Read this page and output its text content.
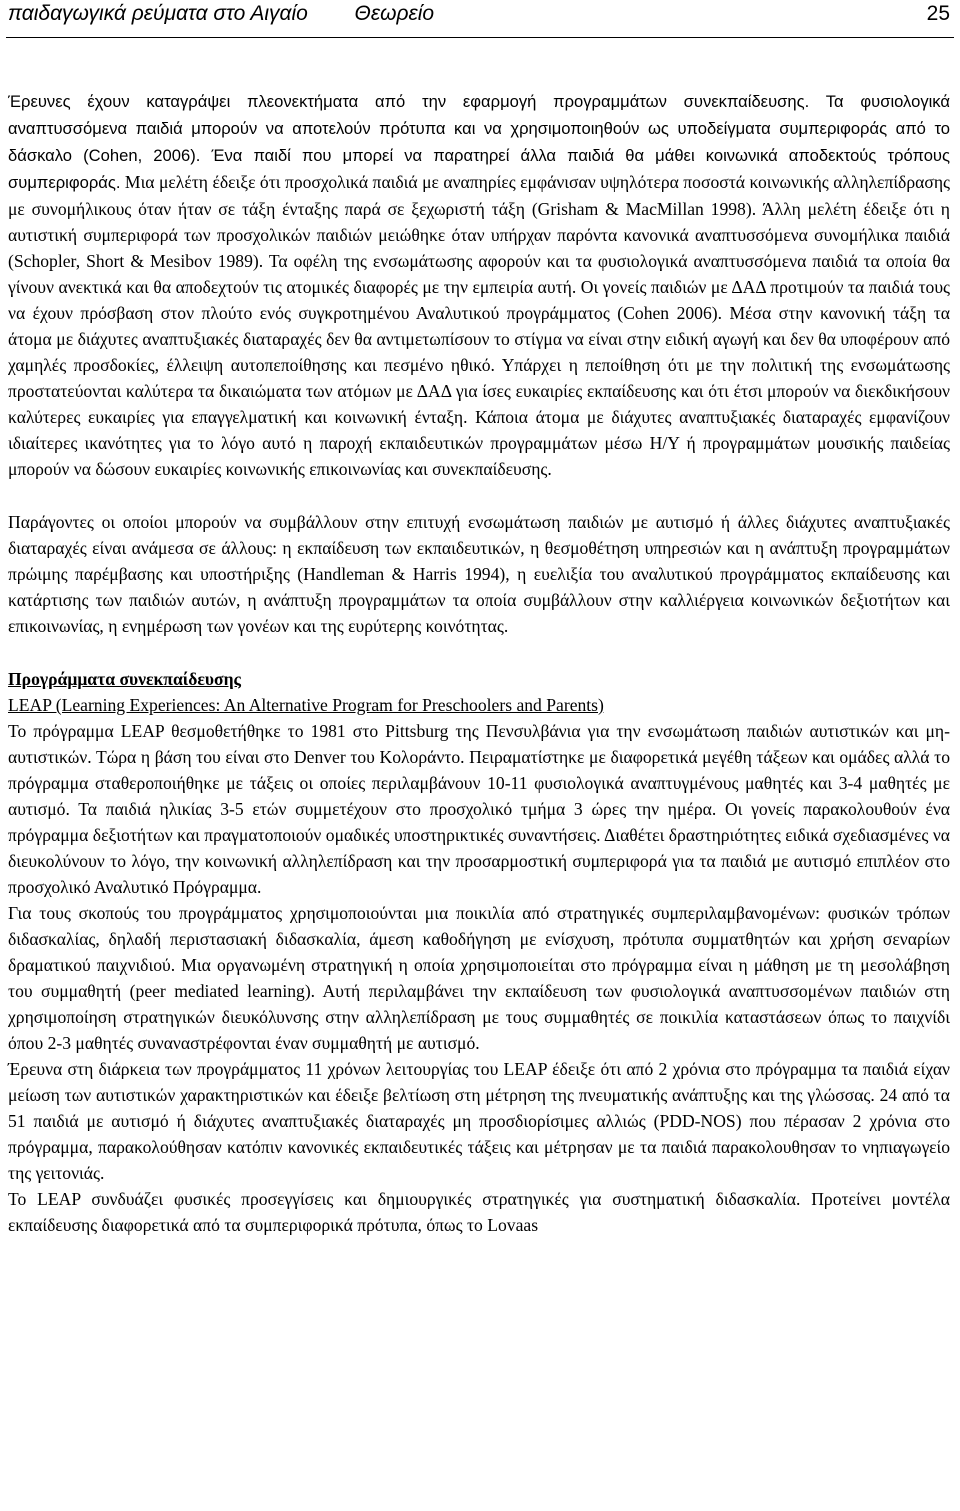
παιδαγωγικά ρεύματα στο Αιγαίο        Θεωρείο	25

Έρευνες έχουν καταγράψει πλεονεκτήματα από την εφαρμογή προγραμμάτων συνεκπαίδευσης. Τα φυσιολογικά αναπτυσσόμενα παιδιά μπορούν να αποτελούν πρότυπα και να χρησιμοποιηθούν ως υποδείγματα συμπεριφοράς από το δάσκαλο (Cohen, 2006). Ένα παιδί που μπορεί να παρατηρεί άλλα παιδιά θα μάθει κοινωνικά αποδεκτούς τρόπους συμπεριφοράς. Μια μελέτη έδειξε ότι προσχολικά παιδιά με αναπηρίες εμφάνισαν υψηλότερα ποσοστά κοινωνικής αλληλεπίδρασης με συνομήλικους όταν ήταν σε τάξη ένταξης παρά σε ξεχωριστή τάξη (Grisham & MacMillan 1998). Άλλη μελέτη έδειξε ότι η αυτιστική συμπεριφορά των προσχολικών παιδιών μειώθηκε όταν υπήρχαν παρόντα κανονικά αναπτυσσόμενα συνομήλικα παιδιά (Schopler, Short & Mesibov 1989). Τα οφέλη της ενσωμάτωσης αφορούν και τα φυσιολογικά αναπτυσσόμενα παιδιά τα οποία θα γίνουν ανεκτικά και θα αποδεχτούν τις ατομικές διαφορές με την εμπειρία αυτή. Οι γονείς παιδιών με ΔΑΔ προτιμούν τα παιδιά τους να έχουν πρόσβαση στον πλούτο ενός συγκροτημένου Αναλυτικού προγράμματος (Cohen 2006). Μέσα στην κανονική τάξη τα άτομα με διάχυτες αναπτυξιακές διαταραχές δεν θα αντιμετωπίσουν το στίγμα να είναι στην ειδική αγωγή και δεν θα υποφέρουν από χαμηλές προσδοκίες, έλλειψη αυτοπεποίθησης και πεσμένο ηθικό. Υπάρχει η πεποίθηση ότι με την πολιτική της ενσωμάτωσης προστατεύονται καλύτερα τα δικαιώματα των ατόμων με ΔΑΔ για ίσες ευκαιρίες εκπαίδευσης και ότι έτσι μπορούν να διεκδικήσουν καλύτερες ευκαιρίες για επαγγελματική και κοινωνική ένταξη. Κάποια άτομα με διάχυτες αναπτυξιακές διαταραχές εμφανίζουν ιδιαίτερες ικανότητες για το λόγο αυτό η παροχή εκπαιδευτικών προγραμμάτων μέσω Η/Υ ή προγραμμάτων μουσικής παιδείας μπορούν να δώσουν ευκαιρίες κοινωνικής επικοινωνίας και συνεκπαίδευσης.

Παράγοντες οι οποίοι μπορούν να συμβάλλουν στην επιτυχή ενσωμάτωση παιδιών με αυτισμό ή άλλες διάχυτες αναπτυξιακές διαταραχές είναι ανάμεσα σε άλλους: η εκπαίδευση των εκπαιδευτικών, η θεσμοθέτηση υπηρεσιών και η ανάπτυξη προγραμμάτων πρώιμης παρέμβασης και υποστήριξης (Handleman & Harris 1994), η ευελιξία του αναλυτικού προγράμματος εκπαίδευσης και κατάρτισης των παιδιών αυτών, η ανάπτυξη προγραμμάτων τα οποία συμβάλλουν στην καλλιέργεια κοινωνικών δεξιοτήτων και επικοινωνίας, η ενημέρωση των γονέων και της ευρύτερης κοινότητας.

Προγράμματα συνεκπαίδευσης
LEAP (Learning Experiences: An Alternative Program for Preschoolers and Parents)

Το πρόγραμμα LEAP θεσμοθετήθηκε το 1981 στο Pittsburg της Πενσυλβάνια για την ενσωμάτωση παιδιών αυτιστικών και μη- αυτιστικών. Τώρα η βάση του είναι στο Denver του Κολοράντο. Πειραματίστηκε με διαφορετικά μεγέθη τάξεων και ομάδες αλλά το πρόγραμμα σταθεροποιήθηκε με τάξεις οι οποίες περιλαμβάνουν 10-11 φυσιολογικά αναπτυγμένους μαθητές και 3-4 μαθητές με αυτισμό. Τα παιδιά ηλικίας 3-5 ετών συμμετέχουν στο προσχολικό τμήμα 3 ώρες την ημέρα. Οι γονείς παρακολουθούν ένα πρόγραμμα δεξιοτήτων και πραγματοποιούν ομαδικές υποστηρικτικές συναντήσεις. Διαθέτει δραστηριότητες ειδικά σχεδιασμένες να διευκολύνουν το λόγο, την κοινωνική αλληλεπίδραση και την προσαρμοστική συμπεριφορά για τα παιδιά με αυτισμό επιπλέον στο προσχολικό Αναλυτικό Πρόγραμμα.

Για τους σκοπούς του προγράμματος χρησιμοποιούνται μια ποικιλία από στρατηγικές συμπεριλαμβανομένων: φυσικών τρόπων διδασκαλίας, δηλαδή περιστασιακή διδασκαλία, άμεση καθοδήγηση με ενίσχυση, πρότυπα συμματθητών και χρήση σεναρίων δραματικού παιχνιδιού. Μια οργανωμένη στρατηγική η οποία χρησιμοποιείται στο πρόγραμμα είναι η μάθηση με τη μεσολάβηση του συμμαθητή (peer mediated learning). Αυτή περιλαμβάνει την εκπαίδευση των φυσιολογικά αναπτυσσομένων παιδιών στη χρησιμοποίηση στρατηγικών διευκόλυνσης στην αλληλεπίδραση με τους συμμαθητές σε ποικιλία καταστάσεων όπως το παιχνίδι όπου 2-3 μαθητές συναναστρέφονται έναν συμμαθητή με αυτισμό.

Έρευνα στη διάρκεια των προγράμματος 11 χρόνων λειτουργίας του LEAP έδειξε ότι από 2 χρόνια στο πρόγραμμα τα παιδιά είχαν μείωση των αυτιστικών χαρακτηριστικών και έδειξε βελτίωση στη μέτρηση της πνευματικής ανάπτυξης και της γλώσσας. 24 από τα 51 παιδιά με αυτισμό ή διάχυτες αναπτυξιακές διαταραχές μη προσδιορίσιμες αλλιώς (PDD-NOS) που πέρασαν 2 χρόνια στο πρόγραμμα, παρακολούθησαν κατόπιν κανονικές εκπαιδευτικές τάξεις και μέτρησαν με τα παιδιά παρακολουθησαν το νηπιαγωγείο της γειτονιάς.

Το LEAP συνδυάζει φυσικές προσεγγίσεις και δημιουργικές στρατηγικές για συστηματική διδασκαλία. Προτείνει μοντέλα εκπαίδευσης διαφορετικά από τα συμπεριφορικά πρότυπα, όπως το Lovaas
